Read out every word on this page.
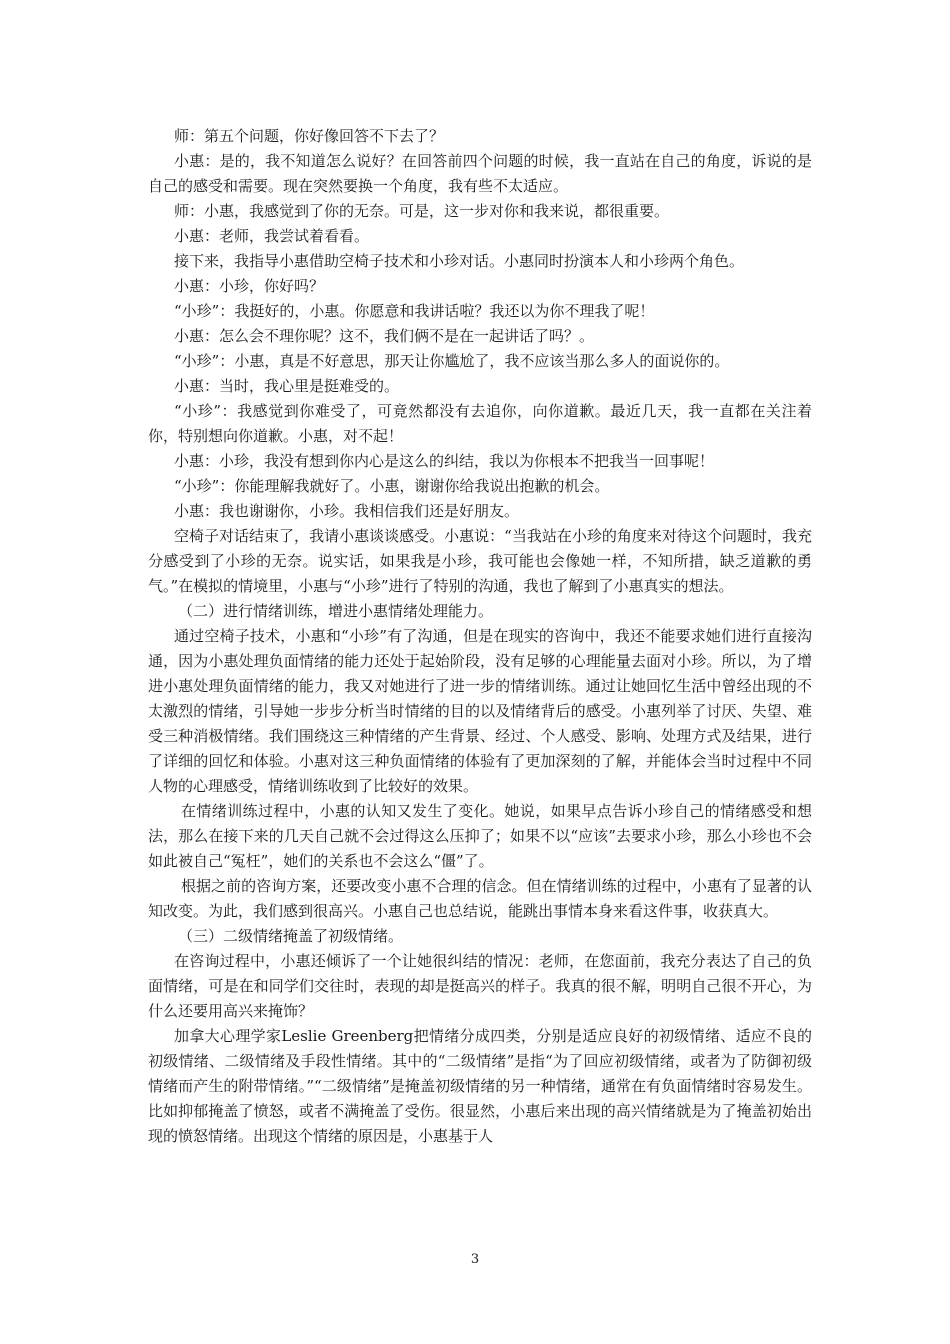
师：第五个问题，你好像回答不下去了？

小惠：是的，我不知道怎么说好？在回答前四个问题的时候，我一直站在自己的角度，诉说的是自己的感受和需要。现在突然要换一个角度，我有些不太适应。

师：小惠，我感觉到了你的无奈。可是，这一步对你和我来说，都很重要。

小惠：老师，我尝试着看看。

接下来，我指导小惠借助空椅子技术和小珍对话。小惠同时扮演本人和小珍两个角色。

小惠：小珍，你好吗？

“小珍”：我挺好的，小惠。你愿意和我讲话啦？我还以为你不理我了呢！

小惠：怎么会不理你呢？这不，我们俩不是在一起讲话了吗？。

“小珍”：小惠，真是不好意思，那天让你尴尬了，我不应该当那么多人的面说你的。

小惠：当时，我心里是挺难受的。

“小珍”：我感觉到你难受了，可竟然都没有去追你，向你道歉。最近几天，我一直都在关注着你，特别想向你道歉。小惠，对不起！

小惠：小珍，我没有想到你内心是这么的纠结，我以为你根本不把我当一回事呢！

“小珍”：你能理解我就好了。小惠，谢谢你给我说出抱歉的机会。

小惠：我也谢谢你，小珍。我相信我们还是好朋友。

空椅子对话结束了，我请小惠谈谈感受。小惠说：“当我站在小珍的角度来对待这个问题时，我充分感受到了小珍的无奈。说实话，如果我是小珍，我可能也会像她一样，不知所措，缺乏道歉的勇气。”在模拟的情境里，小惠与“小珍”进行了特别的沟通，我也了解到了小惠真实的想法。

（二）进行情绪训练，增进小惠情绪处理能力。

通过空椅子技术，小惠和“小珍”有了沟通，但是在现实的咨询中，我还不能要求她们进行直接沟通，因为小惠处理负面情绪的能力还处于起始阶段，没有足够的心理能量去面对小珍。所以，为了增进小惠处理负面情绪的能力，我又对她进行了进一步的情绪训练。通过让她回忆生活中曾经出现的不太激烈的情绪，引导她一步步分析当时情绪的目的以及情绪背后的感受。小惠列举了讨厌、失望、难受三种消极情绪。我们围绕这三种情绪的产生背景、经过、个人感受、影响、处理方式及结果，进行了详细的回忆和体验。小惠对这三种负面情绪的体验有了更加深刻的了解，并能体会当时过程中不同人物的心理感受，情绪训练收到了比较好的效果。

在情绪训练过程中，小惠的认知又发生了变化。她说，如果早点告诉小珍自己的情绪感受和想法，那么在接下来的几天自己就不会过得这么压抑了；如果不以“应该”去要求小珍，那么小珍也不会如此被自己“冤枉”，她们的关系也不会这么“僵”了。

根据之前的咨询方案，还要改变小惠不合理的信念。但在情绪训练的过程中，小惠有了显著的认知改变。为此，我们感到很高兴。小惠自己也总结说，能跳出事情本身来看这件事，收获真大。

（三）二级情绪掩盖了初级情绪。

在咨询过程中，小惠还倾诉了一个让她很纠结的情况：老师，在您面前，我充分表达了自己的负面情绪，可是在和同学们交往时，表现的却是挺高兴的样子。我真的很不解，明明自己很不开心，为什么还要用高兴来掩饰？

加拿大心理学家Leslie Greenberg把情绪分成四类，分别是适应良好的初级情绪、适应不良的初级情绪、二级情绪及手段性情绪。其中的“二级情绪”是指“为了回应初级情绪，或者为了防御初级情绪而产生的附带情绪。”“二级情绪”是掩盖初级情绪的另一种情绪，通常在有负面情绪时容易发生。比如抑郁掩盖了愤怒，或者不满掩盖了受伤。很显然，小惠后来出现的高兴情绪就是为了掩盖初始出现的愤怒情绪。出现这个情绪的原因是，小惠基于人

3
